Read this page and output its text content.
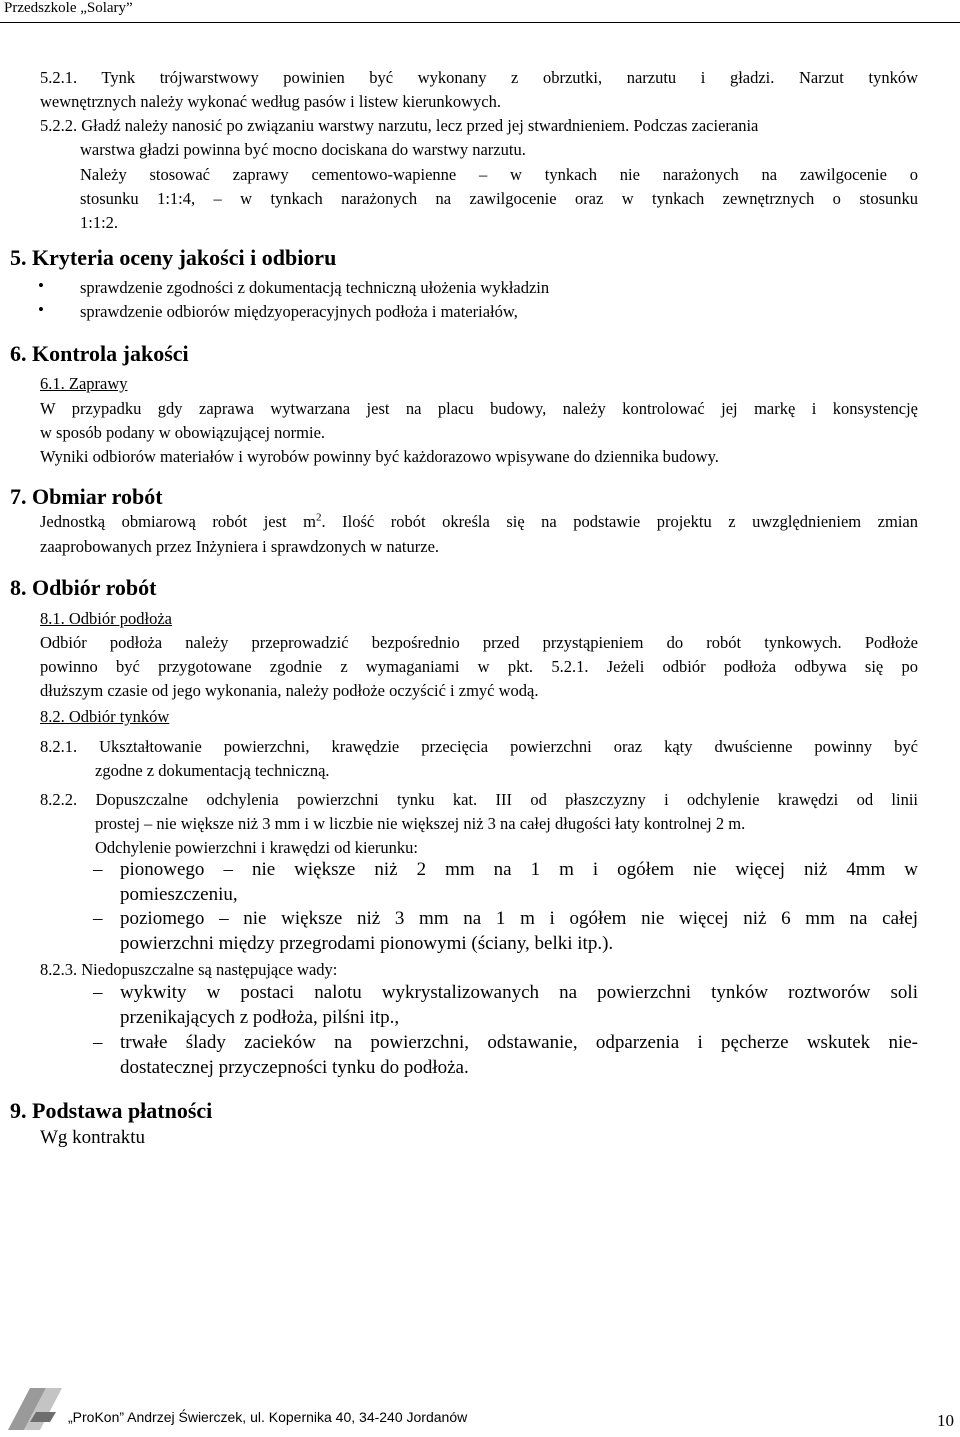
Przedszkole „Solary”
5.2.1. Tynk trójwarstwowy powinien być wykonany z obrzutki, narzutu i gładzi. Narzut tynków
wewnętrznych należy wykonać według pasów i listew kierunkowych.
5.2.2. Gładź należy nanosić po związaniu warstwy narzutu, lecz przed jej stwardnieniem. Podczas zacierania
warstwa gładzi powinna być mocno dociskana do warstwy narzutu.
Należy stosować zaprawy cementowo-wapienne – w tynkach nie narażonych na zawilgocenie o
stosunku 1:1:4, – w tynkach narażonych na zawilgocenie oraz w tynkach zewnętrznych o stosunku
1:1:2.
5. Kryteria oceny jakości i odbioru
• sprawdzenie zgodności z dokumentacją techniczną ułożenia wykładzin
• sprawdzenie odbiorów międzyoperacyjnych podłoża i materiałów,
6. Kontrola jakości
6.1. Zaprawy
W przypadku gdy zaprawa wytwarzana jest na placu budowy, należy kontrolować jej markę i konsystencję
w sposób podany w obowiązującej normie.
Wyniki odbiorów materiałów i wyrobów powinny być każdorazowo wpisywane do dziennika budowy.
7. Obmiar robót
Jednostką obmiarową robót jest $m^2$. Ilość robót określa się na podstawie projektu z uwzględnieniem zmian
zaaprobowanych przez Inżyniera i sprawdzonych w naturze.
8. Odbiór robót
8.1. Odbiór podłoża
Odbiór podłoża należy przeprowadzić bezpośrednio przed przystąpieniem do robót tynkowych. Podłoże
powinno być przygotowane zgodnie z wymaganiami w pkt. 5.2.1. Jeżeli odbiór podłoża odbywa się po
dłuższym czasie od jego wykonania, należy podłoże oczyścić i zmyć wodą.
8.2. Odbiór tynków
8.2.1. Ukształtowanie powierzchni, krawędzie przecięcia powierzchni oraz kąty dwuścienne powinny być
zgodne z dokumentacją techniczną.
8.2.2. Dopuszczalne odchylenia powierzchni tynku kat. III od płaszczyzny i odchylenie krawędzi od linii
prostej – nie większe niż 3 mm i w liczbie nie większej niż 3 na całej długości łaty kontrolnej 2 m.
Odchylenie powierzchni i krawędzi od kierunku:
– pionowego – nie większe niż 2 mm na 1 m i ogółem nie więcej niż 4mm w
pomieszczeniu,
– poziomego – nie większe niż 3 mm na 1 m i ogółem nie więcej niż 6 mm na całej
powierzchni między przegrodami pionowymi (ściany, belki itp.).
8.2.3. Niedopuszczalne są następujące wady:
– wykwity w postaci nalotu wykrystalizowanych na powierzchni tynków roztworów soli
przenikających z podłoża, pilśni itp.,
– trwałe ślady zacieków na powierzchni, odstawanie, odparzenia i pęcherze wskutek nie-
dostatecznej przyczepności tynku do podłoża.
9. Podstawa płatności
Wg kontraktu
„ProKon” Andrzej Świerczek, ul. Kopernika 40, 34-240 Jordanów	10
